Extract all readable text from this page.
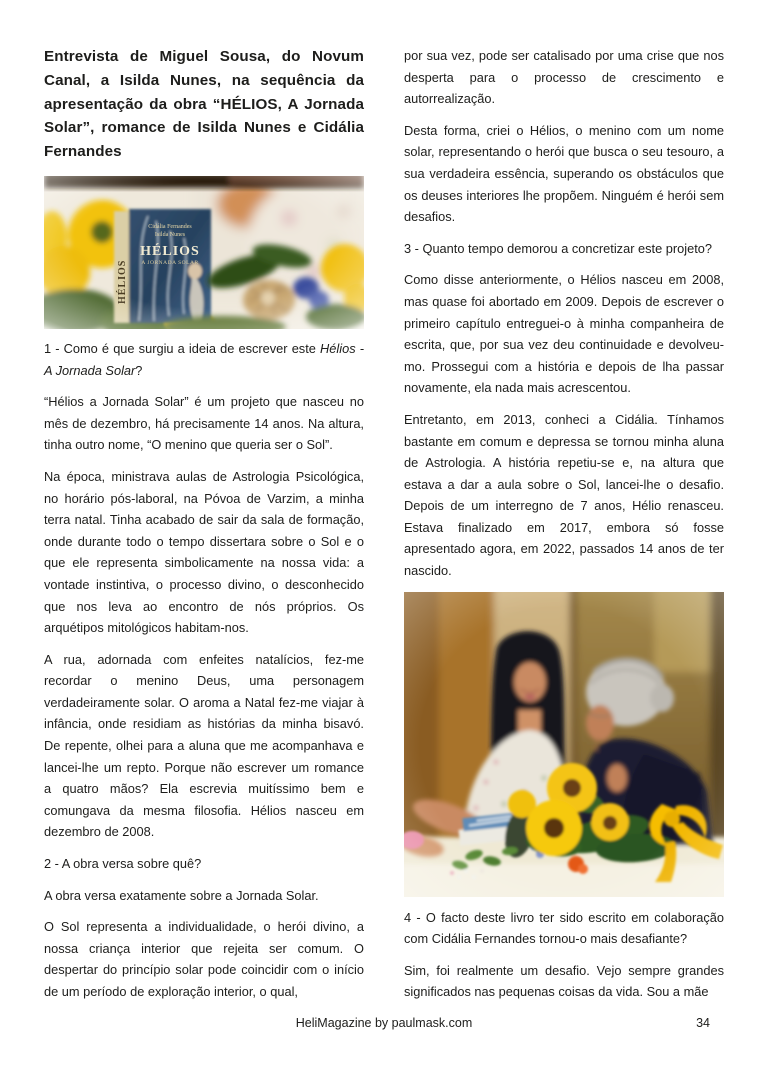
Entrevista de Miguel Sousa, do Novum Canal, a Isilda Nunes, na sequência da apresentação da obra “HÉLIOS, A Jornada Solar”, romance de Isilda Nunes e Cidália Fernandes

1 - Como é que surgiu a ideia de escrever este Hélios - A Jornada Solar?

“Hélios a Jornada Solar” é um projeto que nasceu no mês de dezembro, há precisamente 14 anos. Na altura, tinha outro nome, “O menino que queria ser o Sol”.

Na época, ministrava aulas de Astrologia Psicológica, no horário pós-laboral, na Póvoa de Varzim, a minha terra natal. Tinha acabado de sair da sala de formação, onde durante todo o tempo dissertara sobre o Sol e o que ele representa simbolicamente na nossa vida: a vontade instintiva, o processo divino, o desconhecido que nos leva ao encontro de nós próprios. Os arquétipos mitológicos habitam-nos.

A rua, adornada com enfeites natalícios, fez-me recordar o menino Deus, uma personagem verdadeiramente solar. O aroma a Natal fez-me viajar à infância, onde residiam as histórias da minha bisavó. De repente, olhei para a aluna que me acompanhava e lancei-lhe um repto. Porque não escrever um romance a quatro mãos? Ela escrevia muitíssimo bem e comungava da mesma filosofia. Hélios nasceu em dezembro de 2008.

2 - A obra versa sobre quê?

A obra versa exatamente sobre a Jornada Solar.

O Sol representa a individualidade, o herói divino, a nossa criança interior que rejeita ser comum. O despertar do princípio solar pode coincidir com o início de um período de exploração interior, o qual,

por sua vez, pode ser catalisado por uma crise que nos desperta para o processo de crescimento e autorrealização.

Desta forma, criei o Hélios, o menino com um nome solar, representando o herói que busca o seu tesouro, a sua verdadeira essência, superando os obstáculos que os deuses interiores lhe propõem. Ninguém é herói sem desafios.

3 - Quanto tempo demorou a concretizar este projeto?

Como disse anteriormente, o Hélios nasceu em 2008, mas quase foi abortado em 2009. Depois de escrever o primeiro capítulo entreguei-o à minha companheira de escrita, que, por sua vez deu continuidade e devolveu-mo. Prossegui com a história e depois de lha passar novamente, ela nada mais acrescentou.

Entretanto, em 2013, conheci a Cidália. Tínhamos bastante em comum e depressa se tornou minha aluna de Astrologia. A história repetiu-se e, na altura que estava a dar a aula sobre o Sol, lancei-lhe o desafio. Depois de um interregno de 7 anos, Hélio renasceu. Estava finalizado em 2017, embora só fosse apresentado agora, em 2022, passados 14 anos de ter nascido.

4 - O facto deste livro ter sido escrito em colaboração com Cidália Fernandes tornou-o mais desafiante?

Sim, foi realmente um desafio. Vejo sempre grandes significados nas pequenas coisas da vida. Sou a mãe

HeliMagazine by paulmask.com	34
